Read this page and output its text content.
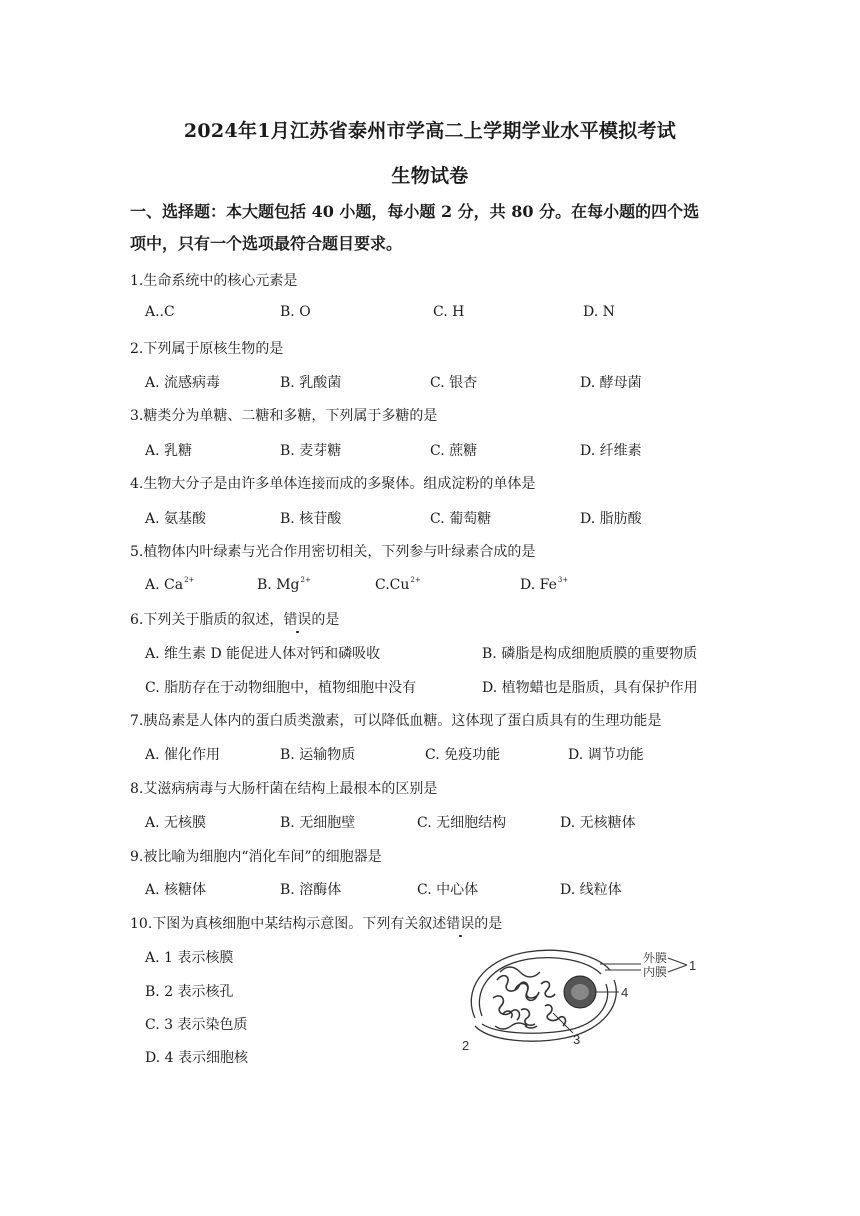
2024年1月江苏省泰州市学高二上学期学业水平模拟考试
生物试卷
一、选择题：本大题包括 40 小题，每小题 2 分，共 80 分。在每小题的四个选
项中，只有一个选项最符合题目要求。
1.生命系统中的核心元素是
A..C	B. O	C. H	D. N
2.下列属于原核生物的是
A. 流感病毒	B. 乳酸菌	C. 银杏	D. 酵母菌
3.糖类分为单糖、二糖和多糖，下列属于多糖的是
A. 乳糖	B. 麦芽糖	C. 蔗糖	D. 纤维素
4.生物大分子是由许多单体连接而成的多聚体。组成淀粉的单体是
A. 氨基酸	B. 核苷酸	C. 葡萄糖	D. 脂肪酸
5.植物体内叶绿素与光合作用密切相关，下列参与叶绿素合成的是
A. $Ca^{2+}$	B. $Mg^{2+}$	$C.Cu^{2+}$	D. $Fe^{3+}$
6.下列关于脂质的叙述，错误的是
A. 维生素 D 能促进人体对钙和磷吸收	B. 磷脂是构成细胞质膜的重要物质
C. 脂肪存在于动物细胞中，植物细胞中没有	D. 植物蜡也是脂质，具有保护作用
7.胰岛素是人体内的蛋白质类激素，可以降低血糖。这体现了蛋白质具有的生理功能是
A. 催化作用	B. 运输物质	C. 免疫功能	D. 调节功能
8.艾滋病病毒与大肠杆菌在结构上最根本的区别是
A. 无核膜	B. 无细胞壁	C. 无细胞结构	D. 无核糖体
9.被比喻为细胞内“消化车间”的细胞器是
A. 核糖体	B. 溶酶体	C. 中心体	D. 线粒体
10.下图为真核细胞中某结构示意图。下列有关叙述错误的是
A. 1 表示核膜
B. 2 表示核孔
C. 3 表示染色质
D. 4 表示细胞核
外膜
内膜 1
4
3
2
